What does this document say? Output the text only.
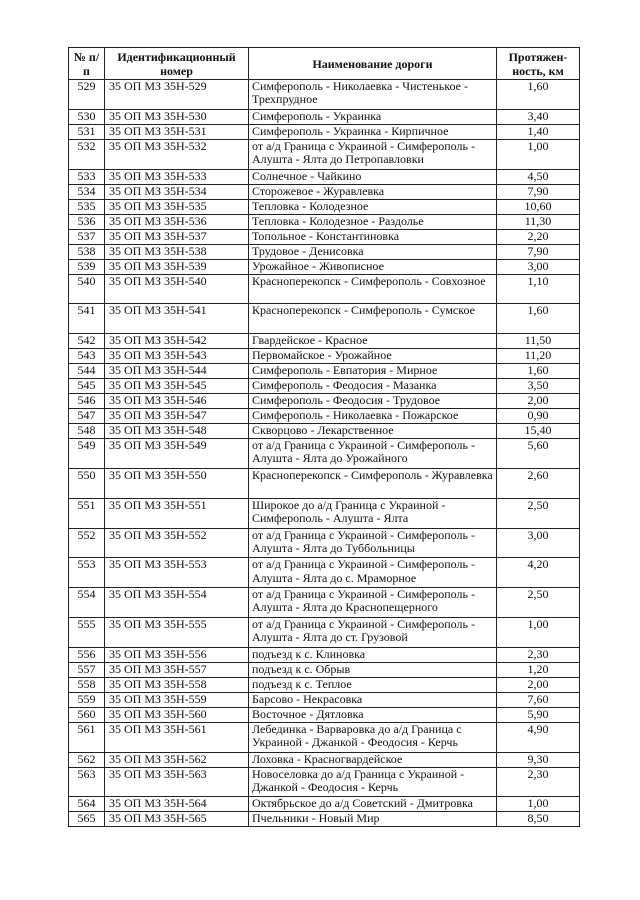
№ п/п	Идентификационный номер	Наименование дороги	Протяжен-ность, км
529	35 ОП МЗ 35Н-529	Симферополь - Николаевка - Чистенькое - Трехпрудное	1,60
530	35 ОП МЗ 35Н-530	Симферополь - Украинка	3,40
531	35 ОП МЗ 35Н-531	Симферополь - Украинка - Кирпичное	1,40
532	35 ОП МЗ 35Н-532	от а/д Граница с Украиной - Симферополь - Алушта - Ялта до Петропавловки	1,00
533	35 ОП МЗ 35Н-533	Солнечное - Чайкино	4,50
534	35 ОП МЗ 35Н-534	Сторожевое - Журавлевка	7,90
535	35 ОП МЗ 35Н-535	Тепловка - Колодезное	10,60
536	35 ОП МЗ 35Н-536	Тепловка - Колодезное - Раздолье	11,30
537	35 ОП МЗ 35Н-537	Топольное - Константиновка	2,20
538	35 ОП МЗ 35Н-538	Трудовое - Денисовка	7,90
539	35 ОП МЗ 35Н-539	Урожайное - Живописное	3,00
540	35 ОП МЗ 35Н-540	Красноперекопск - Симферополь - Совхозное	1,10
541	35 ОП МЗ 35Н-541	Красноперекопск - Симферополь - Сумское	1,60
542	35 ОП МЗ 35Н-542	Гвардейское - Красное	11,50
543	35 ОП МЗ 35Н-543	Первомайское - Урожайное	11,20
544	35 ОП МЗ 35Н-544	Симферополь - Евпатория - Мирное	1,60
545	35 ОП МЗ 35Н-545	Симферополь - Феодосия - Мазанка	3,50
546	35 ОП МЗ 35Н-546	Симферополь - Феодосия - Трудовое	2,00
547	35 ОП МЗ 35Н-547	Симферополь - Николаевка - Пожарское	0,90
548	35 ОП МЗ 35Н-548	Скворцово - Лекарственное	15,40
549	35 ОП МЗ 35Н-549	от а/д Граница с Украиной - Симферополь - Алушта - Ялта до Урожайного	5,60
550	35 ОП МЗ 35Н-550	Красноперекопск - Симферополь - Журавлевка	2,60
551	35 ОП МЗ 35Н-551	Широкое до а/д Граница с Украиной - Симферополь - Алушта - Ялта	2,50
552	35 ОП МЗ 35Н-552	от а/д Граница с Украиной - Симферополь - Алушта - Ялта до Туббольницы	3,00
553	35 ОП МЗ 35Н-553	от а/д Граница с Украиной - Симферополь - Алушта - Ялта до с. Мраморное	4,20
554	35 ОП МЗ 35Н-554	от а/д Граница с Украиной - Симферополь - Алушта - Ялта до Краснопещерного	2,50
555	35 ОП МЗ 35Н-555	от а/д Граница с Украиной - Симферополь - Алушта - Ялта до ст. Грузовой	1,00
556	35 ОП МЗ 35Н-556	подъезд к с. Клиновка	2,30
557	35 ОП МЗ 35Н-557	подъезд к с. Обрыв	1,20
558	35 ОП МЗ 35Н-558	подъезд к с. Теплое	2,00
559	35 ОП МЗ 35Н-559	Барсово - Некрасовка	7,60
560	35 ОП МЗ 35Н-560	Восточное - Дятловка	5,90
561	35 ОП МЗ 35Н-561	Лебединка - Варваровка до а/д Граница с Украиной - Джанкой - Феодосия - Керчь	4,90
562	35 ОП МЗ 35Н-562	Лоховка - Красногвардейское	9,30
563	35 ОП МЗ 35Н-563	Новоселовка до а/д Граница с Украиной - Джанкой - Феодосия - Керчь	2,30
564	35 ОП МЗ 35Н-564	Октябрьское до а/д Советский - Дмитровка	1,00
565	35 ОП МЗ 35Н-565	Пчельники - Новый Мир	8,50
